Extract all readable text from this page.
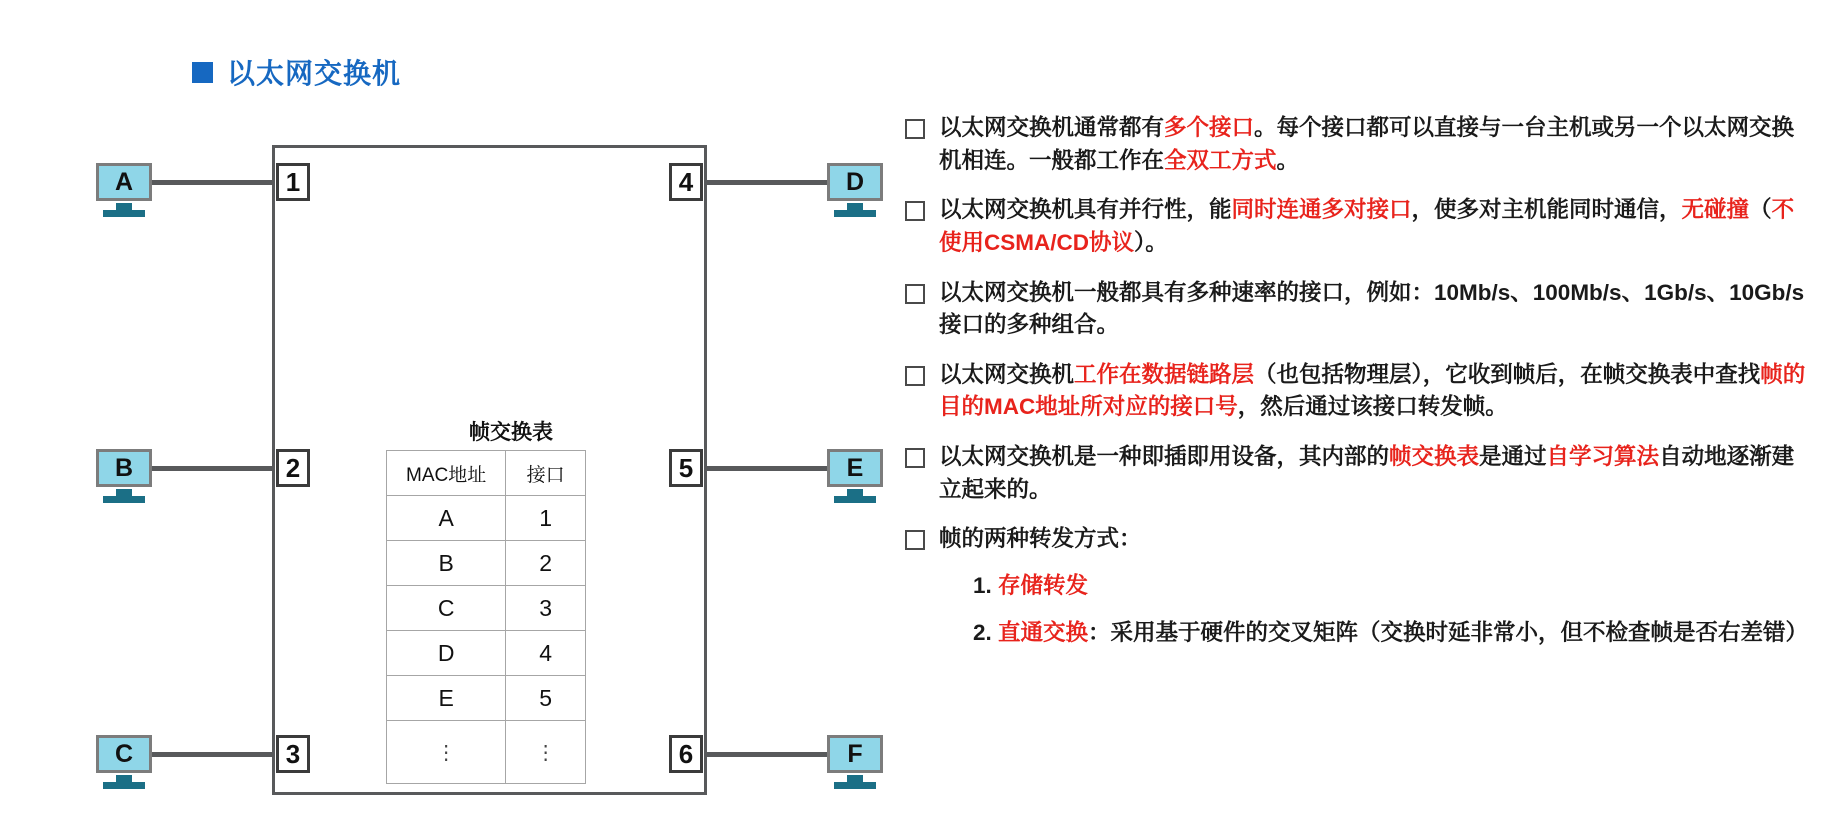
以太网交换机
1
2
3
4
5
6
A
B
C
D
E
F
帧交换表
MAC地址	接口
A	1
B	2
C	3
D	4
E	5
⋮	⋮
以太网交换机通常都有多个接口。每个接口都可以直接与一台主机或另一个以太网交换机相连。一般都工作在全双工方式。
以太网交换机具有并行性，能同时连通多对接口，使多对主机能同时通信，无碰撞（不使用CSMA/CD协议）。
以太网交换机一般都具有多种速率的接口，例如：10Mb/s、100Mb/s、1Gb/s、10Gb/s接口的多种组合。
以太网交换机工作在数据链路层（也包括物理层），它收到帧后，在帧交换表中查找帧的目的MAC地址所对应的接口号，然后通过该接口转发帧。
以太网交换机是一种即插即用设备，其内部的帧交换表是通过自学习算法自动地逐渐建立起来的。
帧的两种转发方式：
1. 存储转发
2. 直通交换：采用基于硬件的交叉矩阵（交换时延非常小，但不检查帧是否右差错）
